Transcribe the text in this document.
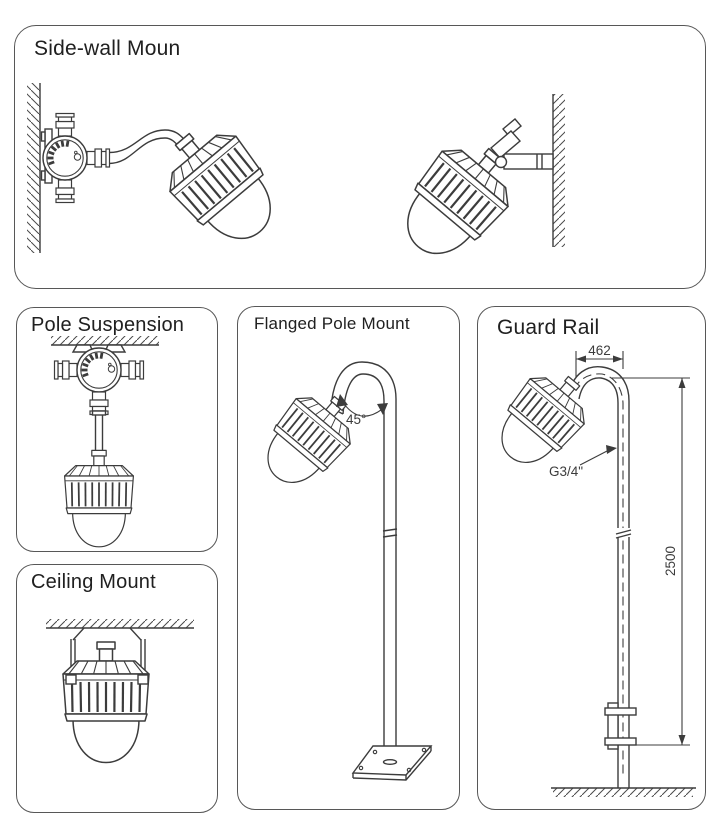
Side-wall Moun
Pole Suspension
Ceiling Mount
45°
Flanged Pole Mount
462
G3/4"
2500
Guard Rail
